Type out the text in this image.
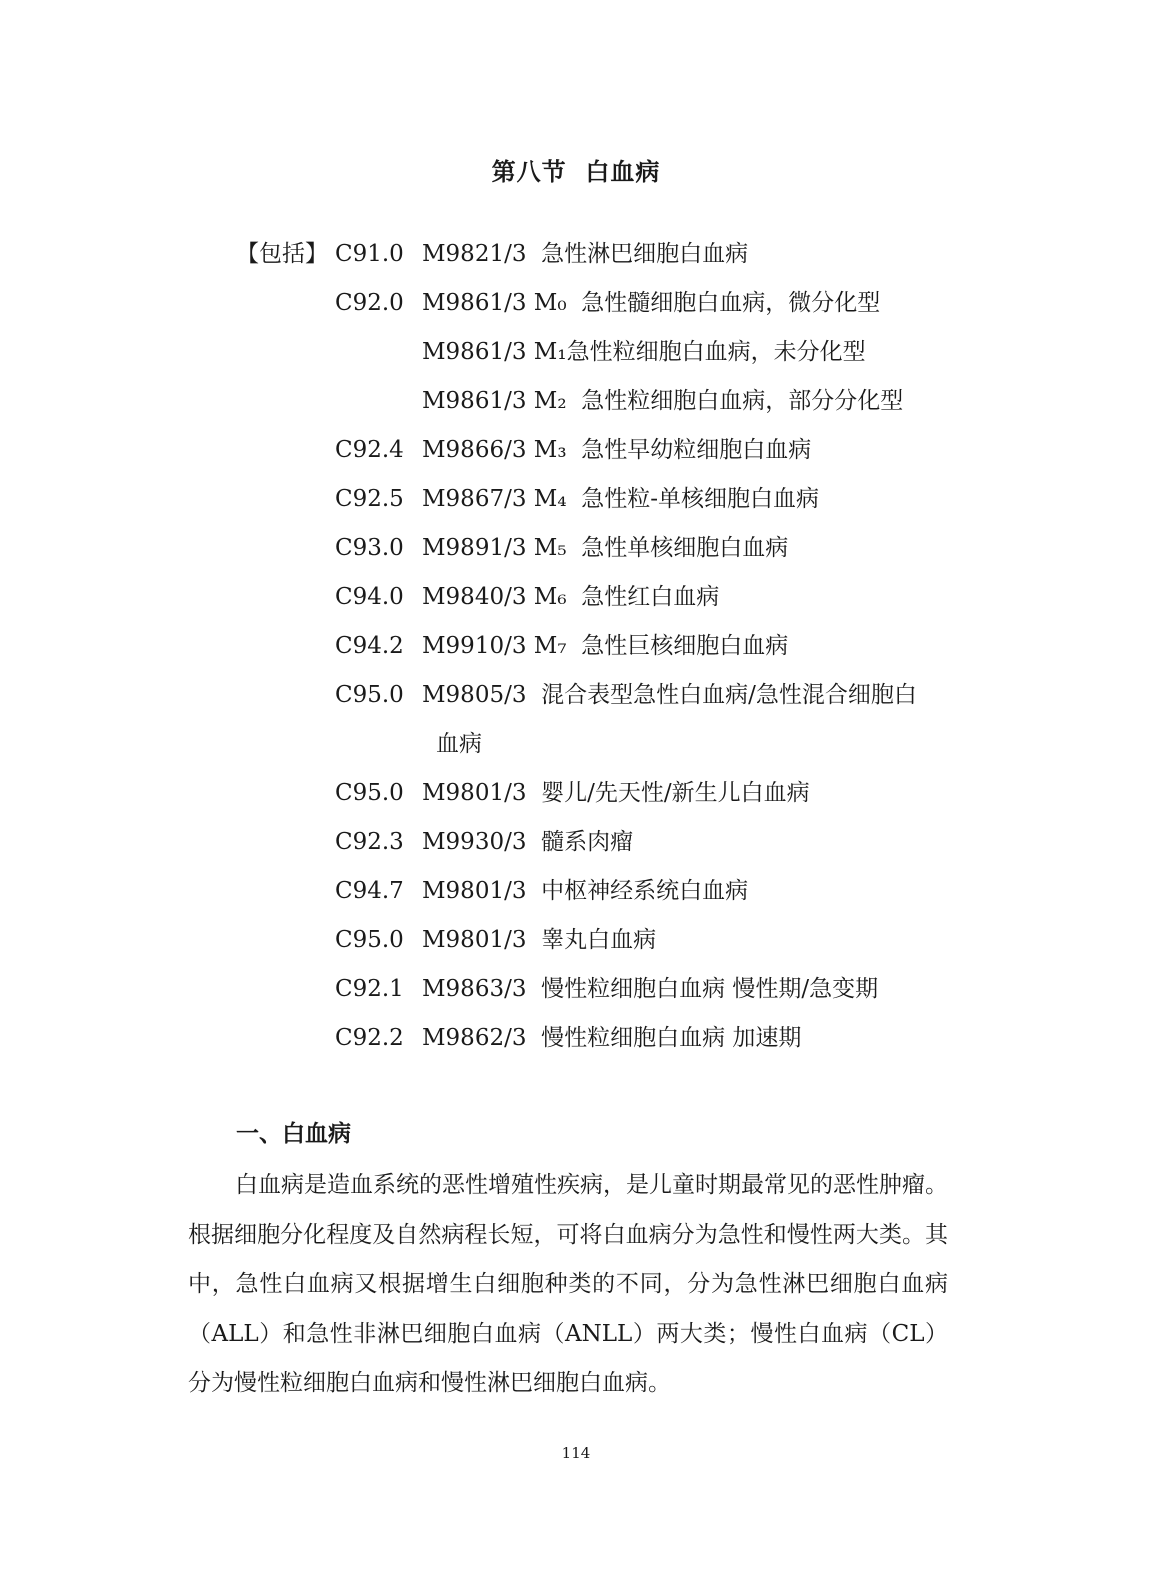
第八节  白血病
【包括】 C91.0 M9821/3 急性淋巴细胞白血病
C92.0 M9861/3 M₀ 急性髓细胞白血病，微分化型
M9861/3 M₁急性粒细胞白血病，未分化型
M9861/3 M₂ 急性粒细胞白血病，部分分化型
C92.4 M9866/3 M₃ 急性早幼粒细胞白血病
C92.5 M9867/3 M₄ 急性粒-单核细胞白血病
C93.0 M9891/3 M₅ 急性单核细胞白血病
C94.0 M9840/3 M₆ 急性红白血病
C94.2 M9910/3 M₇ 急性巨核细胞白血病
C95.0 M9805/3 混合表型急性白血病/急性混合细胞白
血病
C95.0 M9801/3 婴儿/先天性/新生儿白血病
C92.3 M9930/3 髓系肉瘤
C94.7 M9801/3 中枢神经系统白血病
C95.0 M9801/3 睾丸白血病
C92.1 M9863/3 慢性粒细胞白血病 慢性期/急变期
C92.2 M9862/3 慢性粒细胞白血病 加速期
一、白血病
白血病是造血系统的恶性增殖性疾病，是儿童时期最常见的恶性肿瘤。根据细胞分化程度及自然病程长短，可将白血病分为急性和慢性两大类。其中，急性白血病又根据增生白细胞种类的不同，分为急性淋巴细胞白血病（ALL）和急性非淋巴细胞白血病（ANLL）两大类；慢性白血病（CL）分为慢性粒细胞白血病和慢性淋巴细胞白血病。
114
